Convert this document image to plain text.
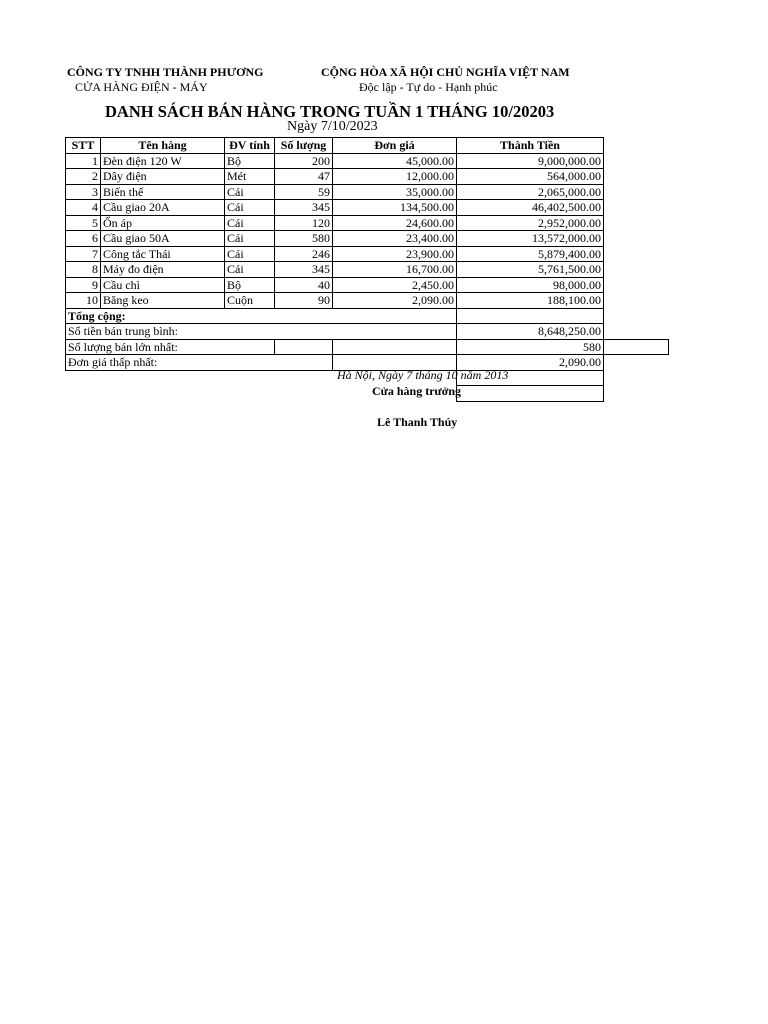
CÔNG TY TNHH THÀNH PHƯƠNG
CỬA HÀNG ĐIỆN - MÁY
CỘNG HÒA XÃ HỘI CHỦ NGHĨA VIỆT NAM
Độc lập - Tự do - Hạnh phúc
DANH SÁCH BÁN HÀNG TRONG TUẦN 1 THÁNG 10/20203
Ngày 7/10/2023
STT	Tên hàng	ĐV tính	Số lượng	Đơn giá	Thành Tiền	
1	Đèn điện 120 W	Bộ	200	45,000.00	9,000,000.00	
2	Dây điện	Mét	47	12,000.00	564,000.00	
3	Biến thế	Cái	59	35,000.00	2,065,000.00	
4	Cầu giao 20A	Cái	345	134,500.00	46,402,500.00	
5	Ổn áp	Cái	120	24,600.00	2,952,000.00	
6	Cầu giao 50A	Cái	580	23,400.00	13,572,000.00	
7	Công tắc Thái	Cái	246	23,900.00	5,879,400.00	
8	Máy đo điện	Cái	345	16,700.00	5,761,500.00	
9	Cầu chì	Bộ	40	2,450.00	98,000.00	
10	Băng keo	Cuộn	90	2,090.00	188,100.00	
Tổng cộng:						
Số tiền bán trung bình:					8,648,250.00	
Số lượng bán lớn nhất:					580	
Đơn giá thấp nhất:					2,090.00	

Hà Nội, Ngày 7 tháng 10 năm 2013
Cửa hàng trưởng
Lê Thanh Thúy
